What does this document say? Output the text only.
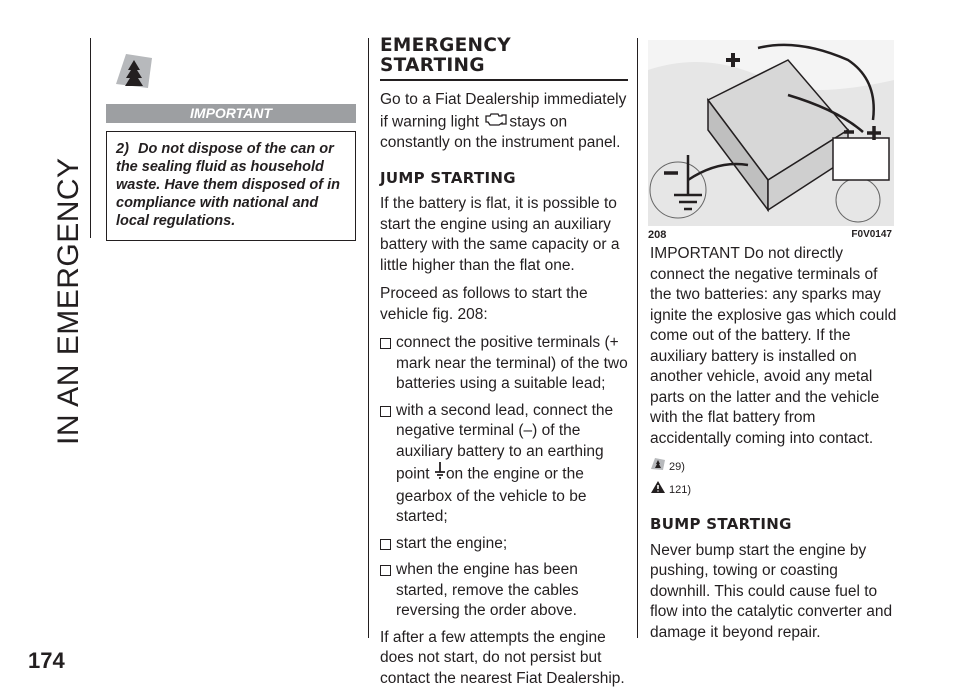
IN AN EMERGENCY
174
IMPORTANT
2) Do not dispose of the can or the sealing fluid as household waste. Have them disposed of in compliance with national and local regulations.
EMERGENCY
STARTING

Go to a Fiat Dealership immediately if warning light stays on constantly on the instrument panel.

JUMP STARTING

If the battery is flat, it is possible to start the engine using an auxiliary battery with the same capacity or a little higher than the flat one.

Proceed as follows to start the vehicle fig. 208:

connect the positive terminals (+ mark near the terminal) of the two batteries using a suitable lead;
with a second lead, connect the negative terminal (–) of the auxiliary battery to an earthing point on the engine or the gearbox of the vehicle to be started;
start the engine;
when the engine has been started, remove the cables reversing the order above.

If after a few attempts the engine does not start, do not persist but contact the nearest Fiat Dealership.

208	F0V0147

IMPORTANT Do not directly connect the negative terminals of the two batteries: any sparks may ignite the explosive gas which could come out of the battery. If the auxiliary battery is installed on another vehicle, avoid any metal parts on the latter and the vehicle with the flat battery from accidentally coming into contact.

29)
121)
BUMP STARTING

Never bump start the engine by pushing, towing or coasting downhill. This could cause fuel to flow into the catalytic converter and damage it beyond repair.
